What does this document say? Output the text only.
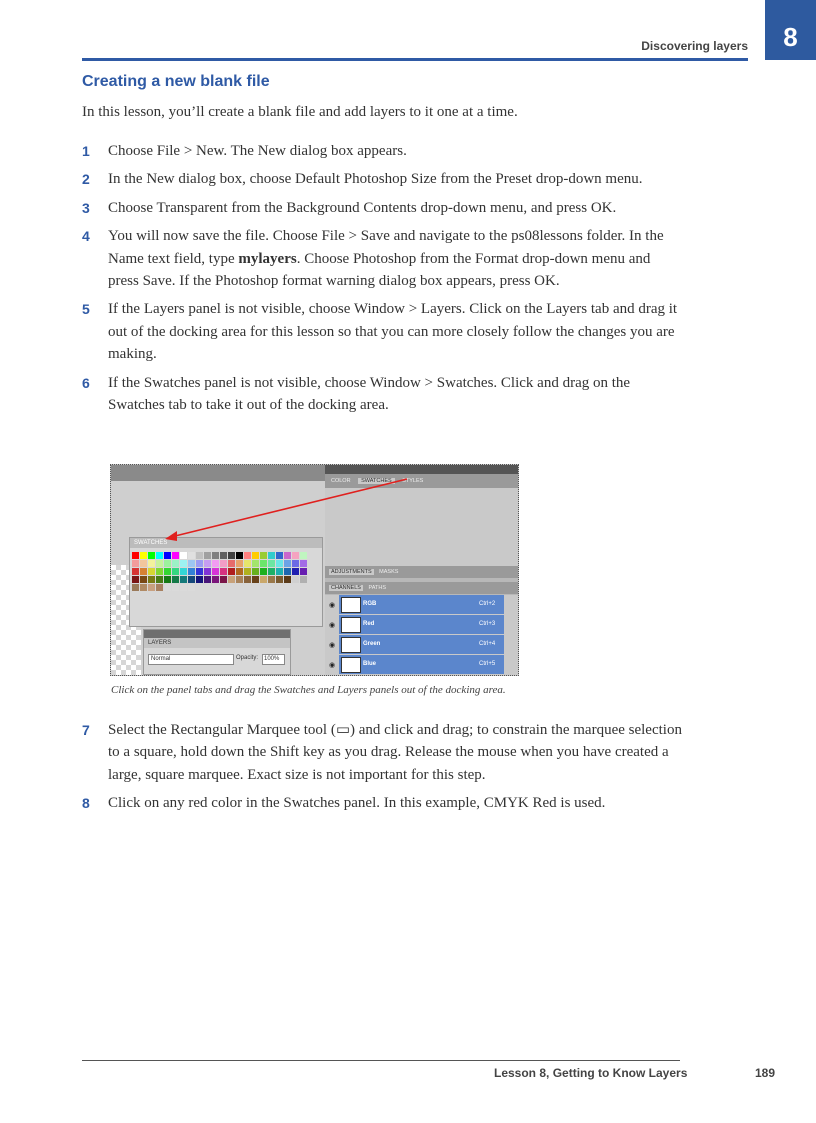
Discovering layers	8
Creating a new blank file
In this lesson, you’ll create a blank file and add layers to it one at a time.
1 Choose File > New. The New dialog box appears.
2 In the New dialog box, choose Default Photoshop Size from the Preset drop-down menu.
3 Choose Transparent from the Background Contents drop-down menu, and press OK.
4 You will now save the file. Choose File > Save and navigate to the ps08lessons folder. In the Name text field, type mylayers. Choose Photoshop from the Format drop-down menu and press Save. If the Photoshop format warning dialog box appears, press OK.
5 If the Layers panel is not visible, choose Window > Layers. Click on the Layers tab and drag it out of the docking area for this lesson so that you can more closely follow the changes you are making.
6 If the Swatches panel is not visible, choose Window > Swatches. Click and drag on the Swatches tab to take it out of the docking area.
SWATCHES
LAYERS
Normal	Opacity: 100%
COLOR SWATCHES STYLES
ADJUSTMENTS MASKS
CHANNELS PATHS
◉	RGB	Ctrl+2
◉	Red	Ctrl+3
◉	Green	Ctrl+4
◉	Blue	Ctrl+5
Click on the panel tabs and drag the Swatches and Layers panels out of the docking area.
7 Select the Rectangular Marquee tool (▭) and click and drag; to constrain the marquee selection to a square, hold down the Shift key as you drag. Release the mouse when you have created a large, square marquee. Exact size is not important for this step.
8 Click on any red color in the Swatches panel. In this example, CMYK Red is used.
Lesson 8, Getting to Know Layers	189
